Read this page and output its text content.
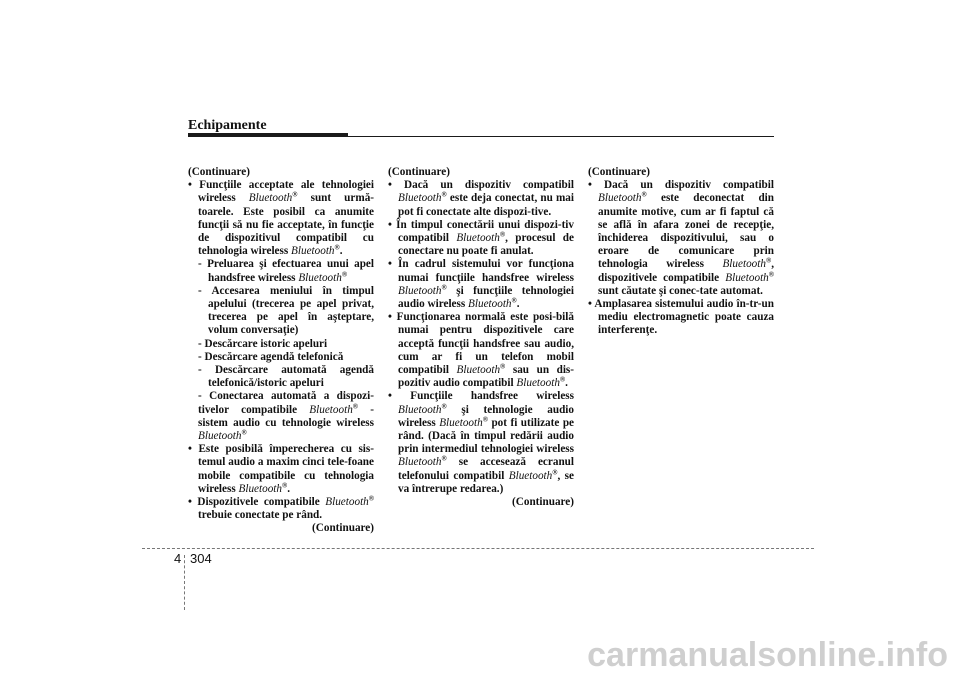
Echipamente

(Continuare)

• Funcţiile acceptate ale tehnologiei wireless Bluetooth® sunt urmă-toarele. Este posibil ca anumite funcţii să nu fie acceptate, în funcţie de dispozitivul compatibil cu tehnologia wireless Bluetooth®.

- Preluarea şi efectuarea unui apel handsfree wireless Bluetooth®

- Accesarea meniului în timpul apelului (trecerea pe apel privat, trecerea pe apel în aşteptare, volum conversaţie)

- Descărcare istoric apeluri

- Descărcare agendă telefonică

- Descărcare automată agendă telefonică/istoric apeluri

- Conectarea automată a dispozi-tivelor compatibile Bluetooth® - sistem audio cu tehnologie wireless Bluetooth®

• Este posibilă împerecherea cu sis-temul audio a maxim cinci tele-foane mobile compatibile cu tehnologia wireless Bluetooth®.

• Dispozitivele compatibile Bluetooth® trebuie conectate pe rând.

(Continuare)

(Continuare)

• Dacă un dispozitiv compatibil Bluetooth® este deja conectat, nu mai pot fi conectate alte dispozi-tive.

• În timpul conectării unui dispozi-tiv compatibil Bluetooth®, procesul de conectare nu poate fi anulat.

• În cadrul sistemului vor funcţiona numai funcţiile handsfree wireless Bluetooth® şi funcţiile tehnologiei audio wireless Bluetooth®.

• Funcţionarea normală este posi-bilă numai pentru dispozitivele care acceptă funcţii handsfree sau audio, cum ar fi un telefon mobil compatibil Bluetooth® sau un dis-pozitiv audio compatibil Bluetooth®.

• Funcţiile handsfree wireless Bluetooth® şi tehnologie audio wireless Bluetooth® pot fi utilizate pe rând. (Dacă în timpul redării audio prin intermediul tehnologiei wireless Bluetooth® se accesează ecranul telefonului compatibil Bluetooth®, se va întrerupe redarea.)

(Continuare)

(Continuare)

• Dacă un dispozitiv compatibil Bluetooth® este deconectat din anumite motive, cum ar fi faptul că se află în afara zonei de recepţie, închiderea dispozitivului, sau o eroare de comunicare prin tehnologia wireless Bluetooth®, dispozitivele compatibile Bluetooth® sunt căutate şi conec-tate automat.

• Amplasarea sistemului audio în-tr-un mediu electromagnetic poate cauza interferenţe.

4 304
carmanualsonline.info
